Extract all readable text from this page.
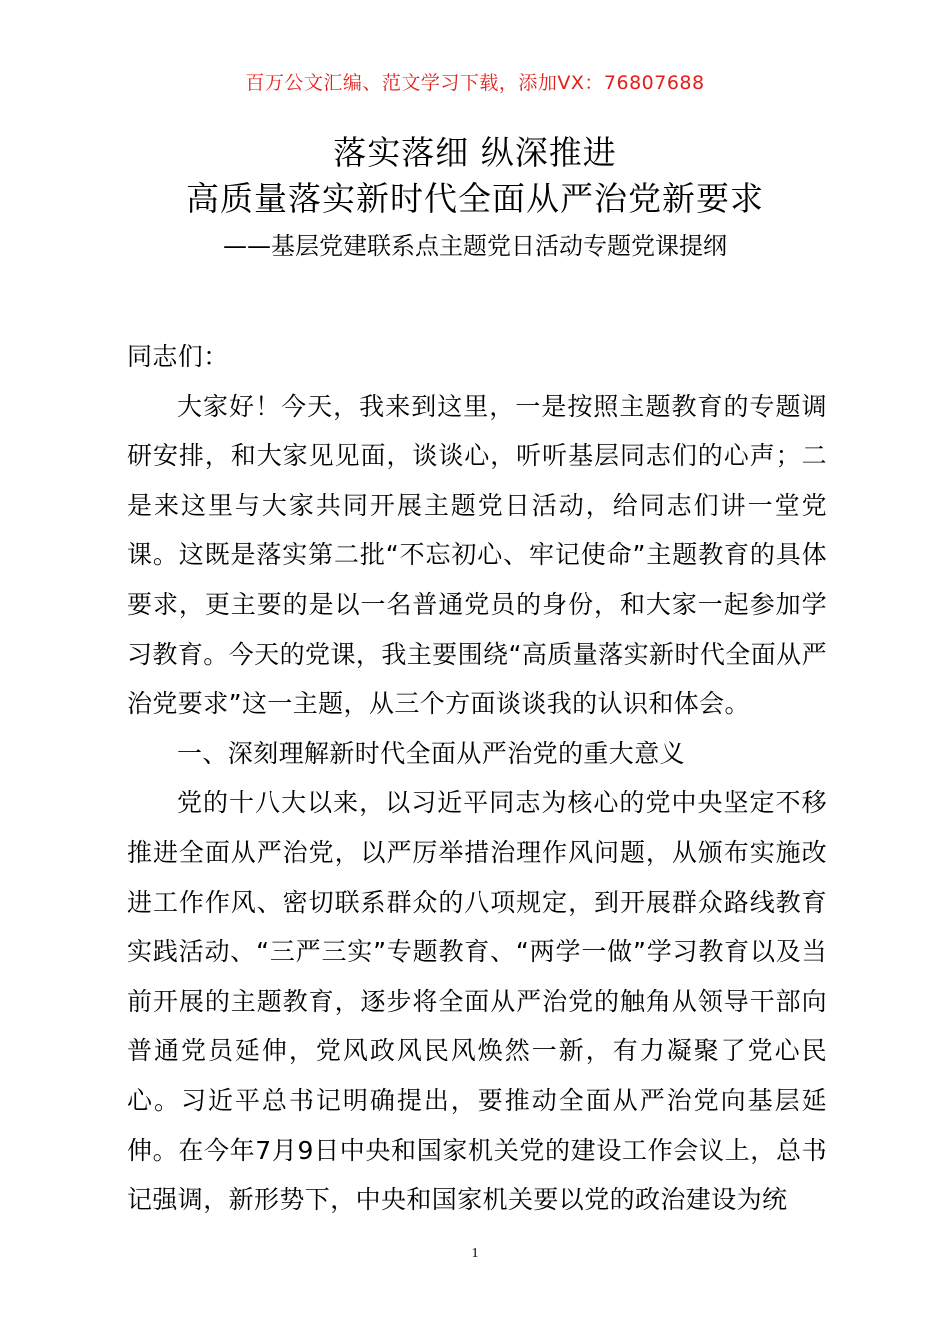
百万公文汇编、范文学习下载，添加VX：76807688
落实落细 纵深推进
高质量落实新时代全面从严治党新要求
——基层党建联系点主题党日活动专题党课提纲

同志们：

大家好！今天，我来到这里，一是按照主题教育的专题调研安排，和大家见见面，谈谈心，听听基层同志们的心声；二是来这里与大家共同开展主题党日活动，给同志们讲一堂党课。这既是落实第二批“不忘初心、牢记使命”主题教育的具体要求，更主要的是以一名普通党员的身份，和大家一起参加学习教育。今天的党课，我主要围绕“高质量落实新时代全面从严治党要求”这一主题，从三个方面谈谈我的认识和体会。

一、深刻理解新时代全面从严治党的重大意义

党的十八大以来，以习近平同志为核心的党中央坚定不移推进全面从严治党，以严厉举措治理作风问题，从颁布实施改进工作作风、密切联系群众的八项规定，到开展群众路线教育实践活动、“三严三实”专题教育、“两学一做”学习教育以及当前开展的主题教育，逐步将全面从严治党的触角从领导干部向普通党员延伸，党风政风民风焕然一新，有力凝聚了党心民心。习近平总书记明确提出，要推动全面从严治党向基层延伸。在今年7月9日中央和国家机关党的建设工作会议上，总书记强调，新形势下，中央和国家机关要以党的政治建设为统

1
